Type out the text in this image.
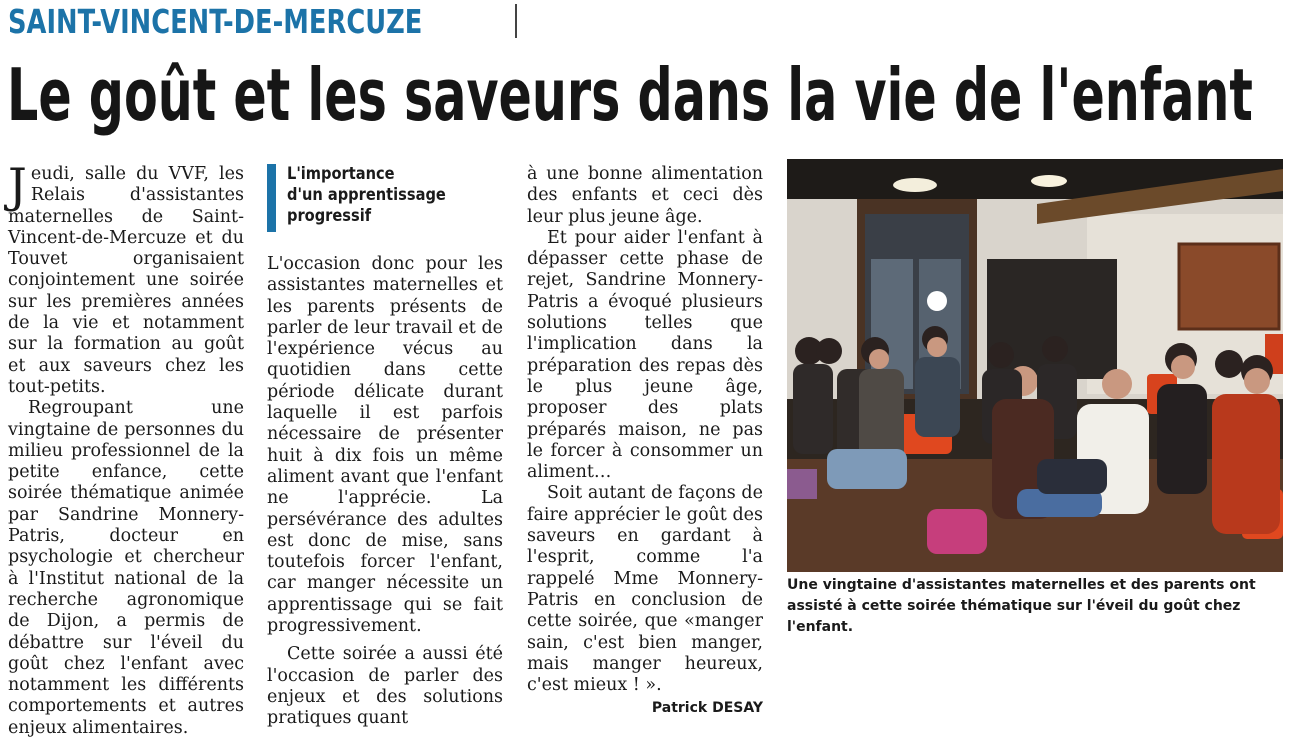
SAINT-VINCENT-DE-MERCUZE
Le goût et les saveurs dans la vie de l'enfant

Jeudi, salle du VVF, les Relais d'assistantes maternelles de Saint-Vincent-de-Mercuze et du Touvet organisaient conjointement une soirée sur les premières années de la vie et notamment sur la formation au goût et aux saveurs chez les tout-petits.

Regroupant une vingtaine de personnes du milieu professionnel de la petite enfance, cette soirée thématique animée par Sandrine Monnery-Patris, docteur en psychologie et chercheur à l'Institut national de la recherche agronomique de Dijon, a permis de débattre sur l'éveil du goût chez l'enfant avec notamment les différents comportements et autres enjeux alimentaires.

L'importance
d'un apprentissage
progressif

L'occasion donc pour les assistantes maternelles et les parents présents de parler de leur travail et de l'expérience vécus au quotidien dans cette période délicate durant laquelle il est parfois nécessaire de présenter huit à dix fois un même aliment avant que l'enfant ne l'apprécie. La persévérance des adultes est donc de mise, sans toutefois forcer l'enfant, car manger nécessite un apprentissage qui se fait progressivement.

Cette soirée a aussi été l'occasion de parler des enjeux et des solutions pratiques quant

à une bonne alimentation des enfants et ceci dès leur plus jeune âge.

Et pour aider l'enfant à dépasser cette phase de rejet, Sandrine Monnery-Patris a évoqué plusieurs solutions telles que l'implication dans la préparation des repas dès le plus jeune âge, proposer des plats préparés maison, ne pas le forcer à consommer un aliment…

Soit autant de façons de faire apprécier le goût des saveurs en gardant à l'esprit, comme l'a rappelé Mme Monnery-Patris en conclusion de cette soirée, que «manger sain, c'est bien manger, mais manger heureux, c'est mieux ! ».

Patrick DESAY
Une vingtaine d'assistantes maternelles et des parents ont assisté à cette soirée thématique sur l'éveil du goût chez l'enfant.
